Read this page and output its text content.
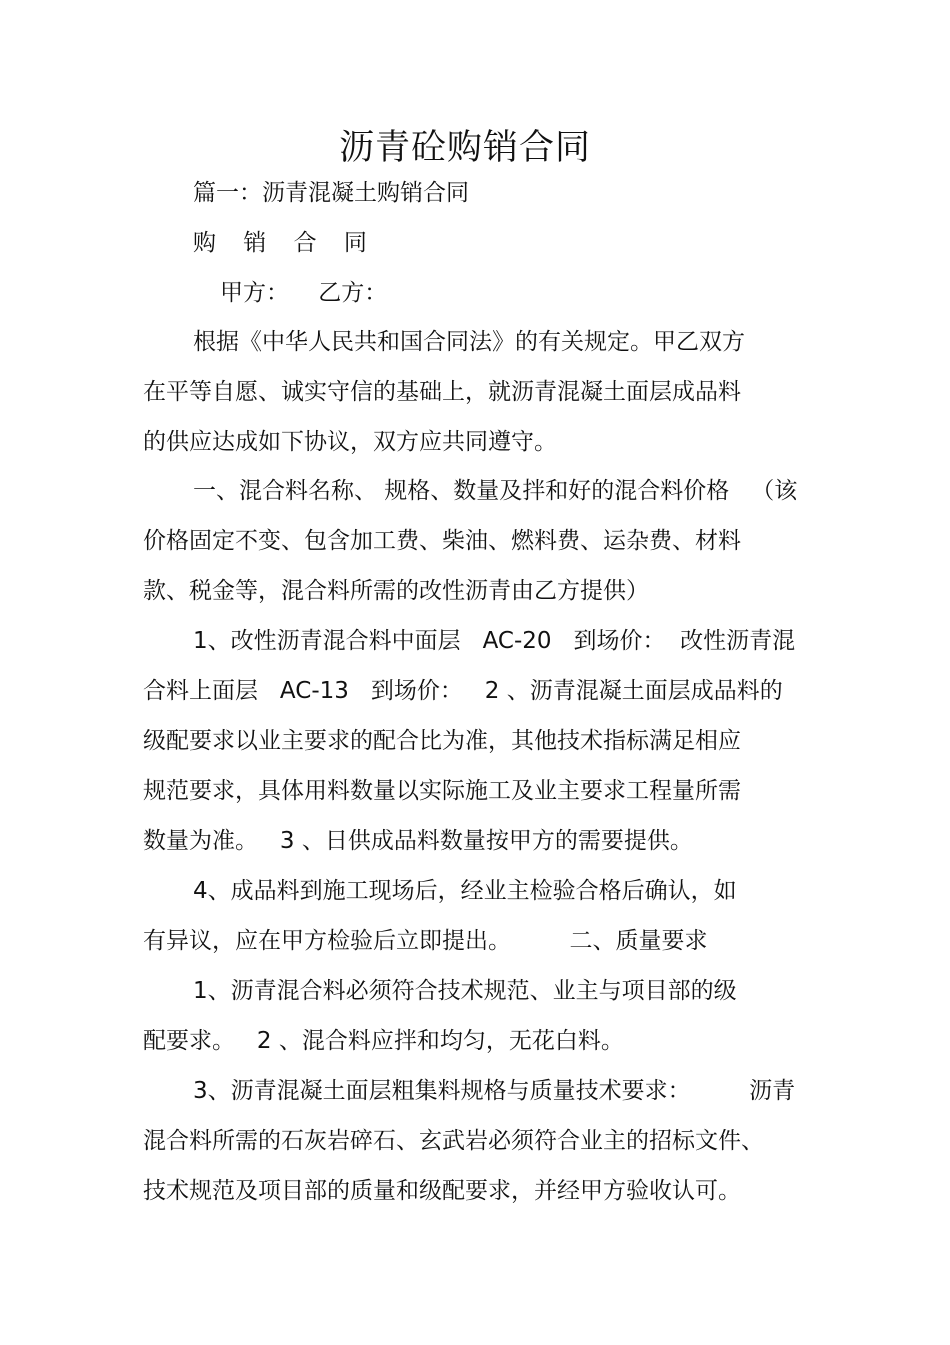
沥青砼购销合同
篇一：沥青混凝土购销合同
购 销 合 同
甲方：    乙方：
根据《中华人民共和国合同法》的有关规定。甲乙双方
在平等自愿、诚实守信的基础上，就沥青混凝土面层成品料
的供应达成如下协议，双方应共同遵守。
一、混合料名称、 规格、数量及拌和好的混合料价格   （该
价格固定不变、包含加工费、柴油、燃料费、运杂费、材料
款、税金等，混合料所需的改性沥青由乙方提供）
1、改性沥青混合料中面层   AC-20   到场价：  改性沥青混
合料上面层   AC-13   到场价：   2 、沥青混凝土面层成品料的
级配要求以业主要求的配合比为准，其他技术指标满足相应
规范要求，具体用料数量以实际施工及业主要求工程量所需
数量为准。   3 、日供成品料数量按甲方的需要提供。
4、成品料到施工现场后，经业主检验合格后确认，如
有异议，应在甲方检验后立即提出。        二、质量要求
1、沥青混合料必须符合技术规范、业主与项目部的级
配要求。   2 、混合料应拌和均匀，无花白料。
3、沥青混凝土面层粗集料规格与质量技术要求：        沥青
混合料所需的石灰岩碎石、玄武岩必须符合业主的招标文件、
技术规范及项目部的质量和级配要求，并经甲方验收认可。
